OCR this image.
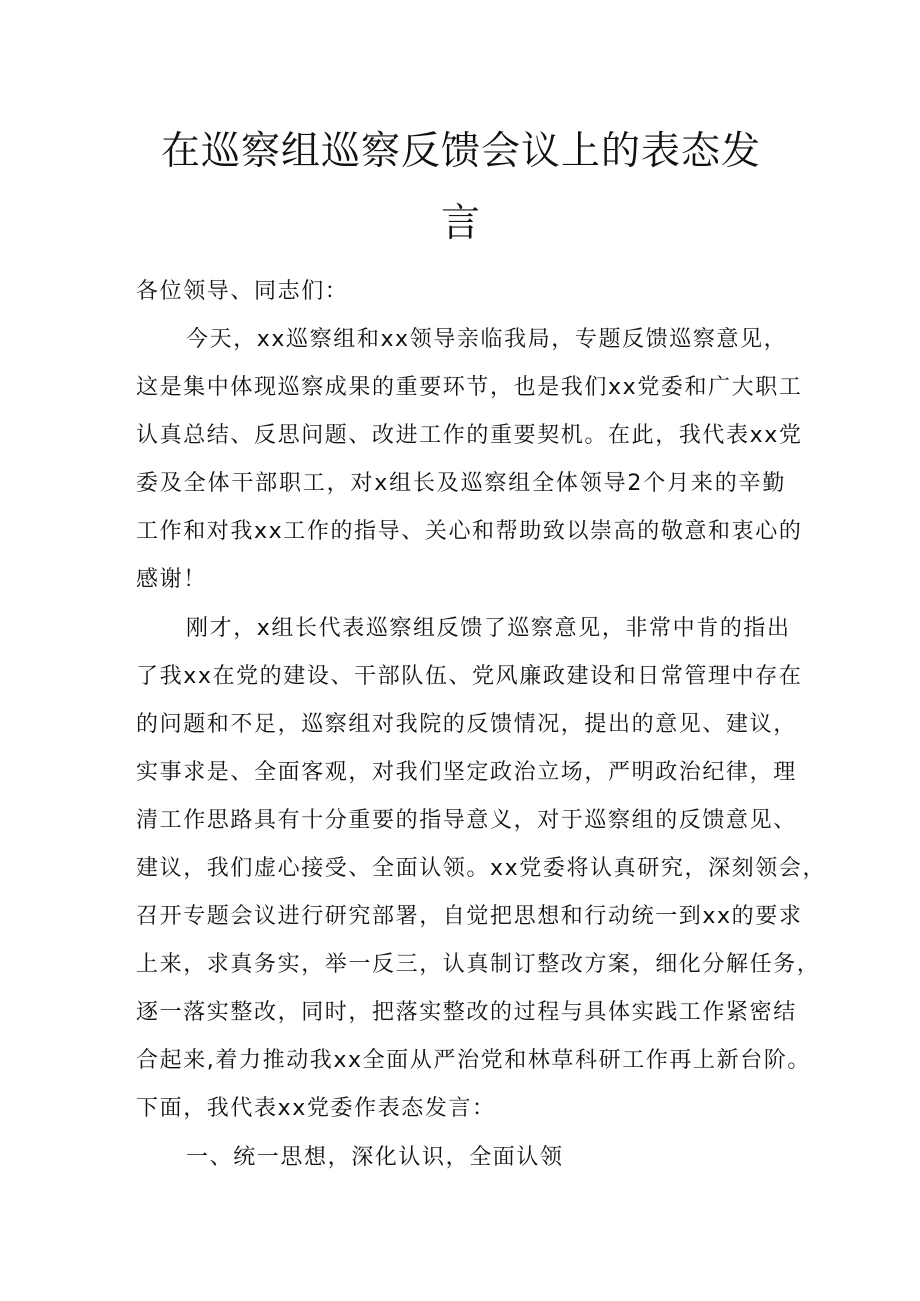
在巡察组巡察反馈会议上的表态发
言
各位领导、同志们：
今天，xx巡察组和xx领导亲临我局，专题反馈巡察意见，
这是集中体现巡察成果的重要环节，也是我们xx党委和广大职工
认真总结、反思问题、改进工作的重要契机。在此，我代表xx党
委及全体干部职工，对x组长及巡察组全体领导2个月来的辛勤
工作和对我xx工作的指导、关心和帮助致以崇高的敬意和衷心的
感谢！
刚才，x组长代表巡察组反馈了巡察意见，非常中肯的指出
了我xx在党的建设、干部队伍、党风廉政建设和日常管理中存在
的问题和不足，巡察组对我院的反馈情况，提出的意见、建议，
实事求是、全面客观，对我们坚定政治立场，严明政治纪律，理
清工作思路具有十分重要的指导意义，对于巡察组的反馈意见、
建议，我们虚心接受、全面认领。xx党委将认真研究，深刻领会，
召开专题会议进行研究部署，自觉把思想和行动统一到xx的要求
上来，求真务实，举一反三，认真制订整改方案，细化分解任务，
逐一落实整改，同时，把落实整改的过程与具体实践工作紧密结
合起来,着力推动我xx全面从严治党和林草科研工作再上新台阶。
下面，我代表xx党委作表态发言：
一、统一思想，深化认识，全面认领
